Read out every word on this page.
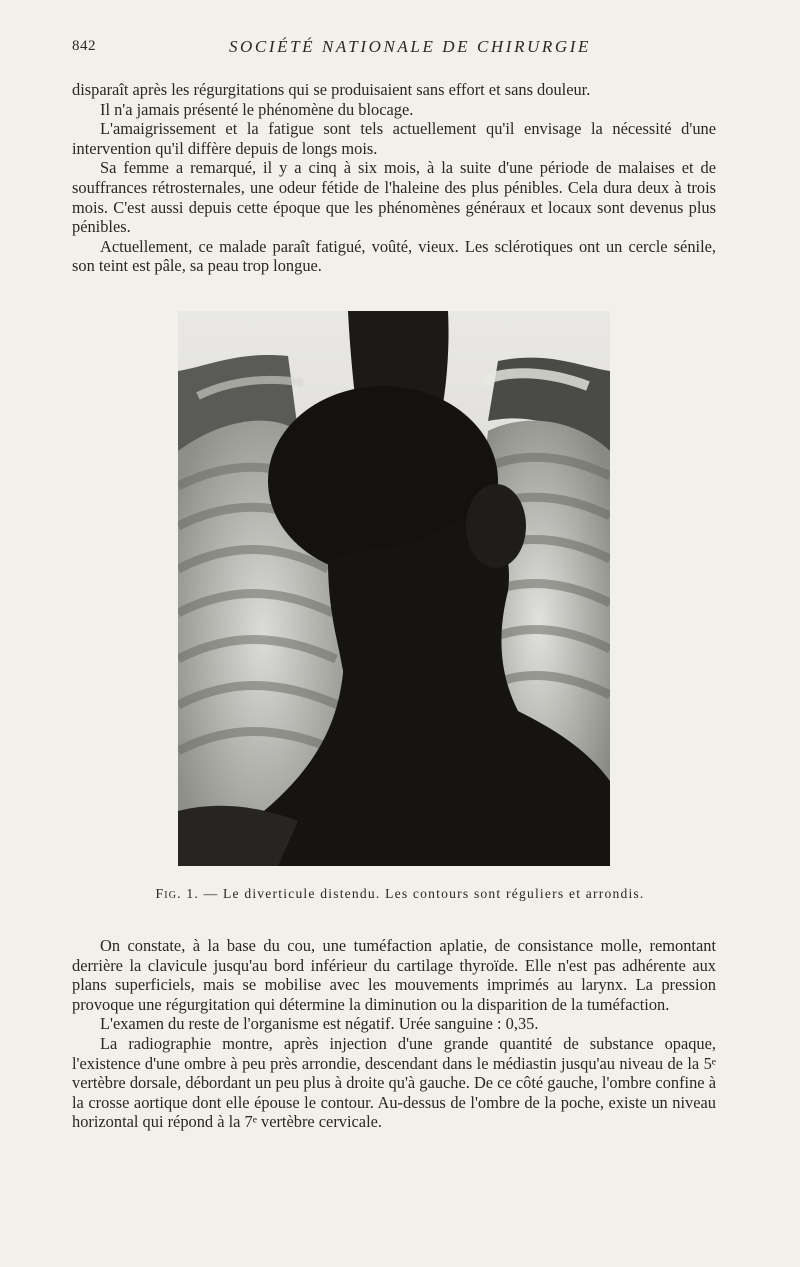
842	SOCIÉTÉ NATIONALE DE CHIRURGIE

disparaît après les régurgitations qui se produisaient sans effort et sans douleur.

Il n'a jamais présenté le phénomène du blocage.

L'amaigrissement et la fatigue sont tels actuellement qu'il envisage la nécessité d'une intervention qu'il diffère depuis de longs mois.

Sa femme a remarqué, il y a cinq à six mois, à la suite d'une période de malaises et de souffrances rétrosternales, une odeur fétide de l'haleine des plus pénibles. Cela dura deux à trois mois. C'est aussi depuis cette époque que les phénomènes généraux et locaux sont devenus plus pénibles.

Actuellement, ce malade paraît fatigué, voûté, vieux. Les sclérotiques ont un cercle sénile, son teint est pâle, sa peau trop longue.

Fig. 1. — Le diverticule distendu. Les contours sont réguliers et arrondis.

On constate, à la base du cou, une tuméfaction aplatie, de consistance molle, remontant derrière la clavicule jusqu'au bord inférieur du cartilage thyroïde. Elle n'est pas adhérente aux plans superficiels, mais se mobilise avec les mouvements imprimés au larynx. La pression provoque une régurgitation qui détermine la diminution ou la disparition de la tuméfaction.

L'examen du reste de l'organisme est négatif. Urée sanguine : 0,35.

La radiographie montre, après injection d'une grande quantité de substance opaque, l'existence d'une ombre à peu près arrondie, descendant dans le médiastin jusqu'au niveau de la 5ᵉ vertèbre dorsale, débordant un peu plus à droite qu'à gauche. De ce côté gauche, l'ombre confine à la crosse aortique dont elle épouse le contour. Au-dessus de l'ombre de la poche, existe un niveau horizontal qui répond à la 7ᵉ vertèbre cervicale.
